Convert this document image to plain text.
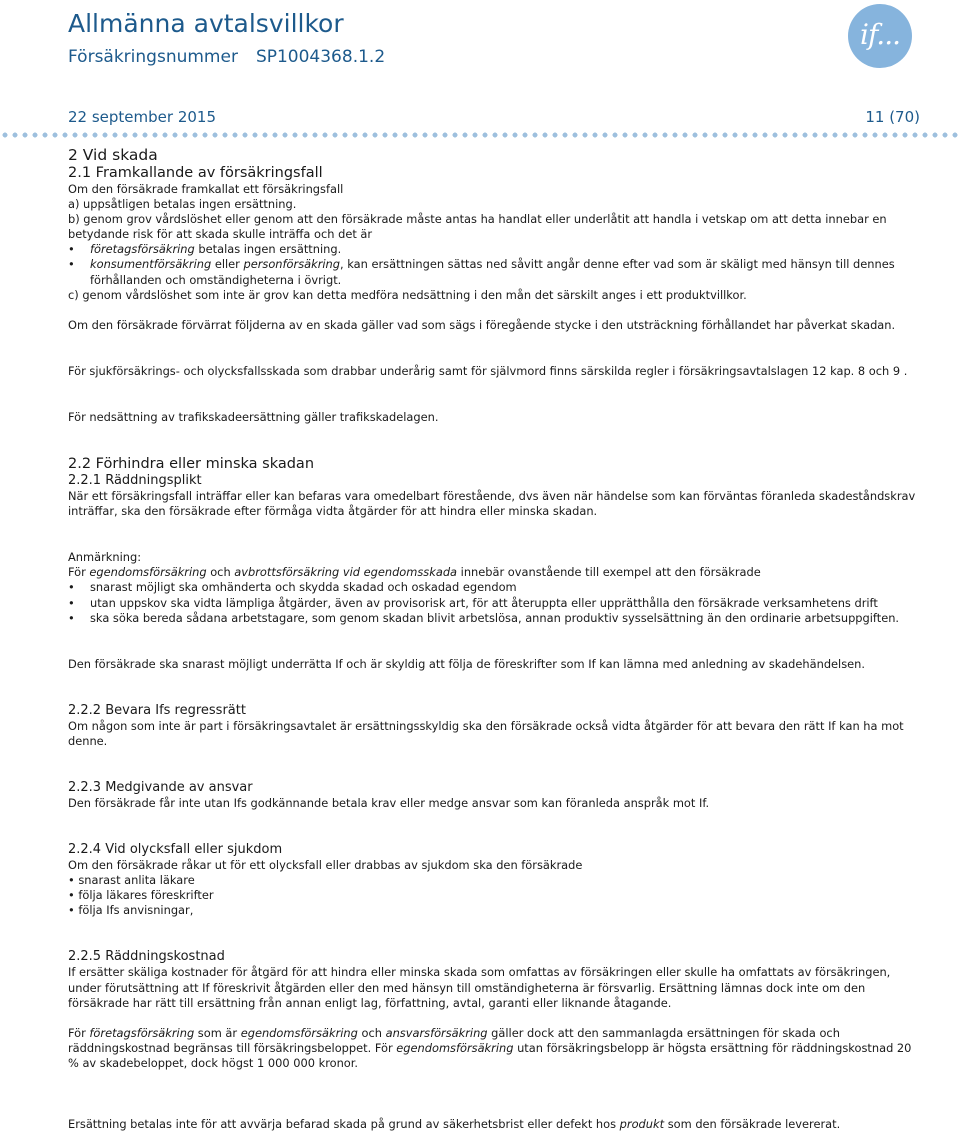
Allmänna avtalsvillkor
Försäkringsnummer SP1004368.1.2
if...
22 september 2015	11 (70)

2 Vid skada

2.1 Framkallande av försäkringsfall

Om den försäkrade framkallat ett försäkringsfall

a) uppsåtligen betalas ingen ersättning.

b) genom grov vårdslöshet eller genom att den försäkrade måste antas ha handlat eller underlåtit att handla i vetskap om att detta innebar en betydande risk för att skada skulle inträffa och det är

• företagsförsäkring betalas ingen ersättning.

• konsumentförsäkring eller personförsäkring, kan ersättningen sättas ned såvitt angår denne efter vad som är skäligt med hänsyn till dennes förhållanden och omständigheterna i övrigt.

c) genom vårdslöshet som inte är grov kan detta medföra nedsättning i den mån det särskilt anges i ett produktvillkor.

Om den försäkrade förvärrat följderna av en skada gäller vad som sägs i föregående stycke i den utsträckning förhållandet har påverkat skadan.

För sjukförsäkrings- och olycksfallsskada som drabbar underårig samt för självmord finns särskilda regler i försäkringsavtalslagen 12 kap. 8 och 9 .

För nedsättning av trafikskadeersättning gäller trafikskadelagen.

2.2 Förhindra eller minska skadan

2.2.1 Räddningsplikt

När ett försäkringsfall inträffar eller kan befaras vara omedelbart förestående, dvs även när händelse som kan förväntas föranleda skadeståndskrav inträffar, ska den försäkrade efter förmåga vidta åtgärder för att hindra eller minska skadan.

Anmärkning:

För egendomsförsäkring och avbrottsförsäkring vid egendomsskada innebär ovanstående till exempel att den försäkrade

• snarast möjligt ska omhänderta och skydda skadad och oskadad egendom

• utan uppskov ska vidta lämpliga åtgärder, även av provisorisk art, för att återuppta eller upprätthålla den försäkrade verksamhetens drift

• ska söka bereda sådana arbetstagare, som genom skadan blivit arbetslösa, annan produktiv sysselsättning än den ordinarie arbetsuppgiften.

Den försäkrade ska snarast möjligt underrätta If och är skyldig att följa de föreskrifter som If kan lämna med anledning av skadehändelsen.

2.2.2 Bevara Ifs regressrätt

Om någon som inte är part i försäkringsavtalet är ersättningsskyldig ska den försäkrade också vidta åtgärder för att bevara den rätt If kan ha mot denne.

2.2.3 Medgivande av ansvar

Den försäkrade får inte utan Ifs godkännande betala krav eller medge ansvar som kan föranleda anspråk mot If.

2.2.4 Vid olycksfall eller sjukdom

Om den försäkrade råkar ut för ett olycksfall eller drabbas av sjukdom ska den försäkrade

• snarast anlita läkare

• följa läkares föreskrifter

• följa Ifs anvisningar,

2.2.5 Räddningskostnad

If ersätter skäliga kostnader för åtgärd för att hindra eller minska skada som omfattas av försäkringen eller skulle ha omfattats av försäkringen, under förutsättning att If föreskrivit åtgärden eller den med hänsyn till omständigheterna är försvarlig. Ersättning lämnas dock inte om den försäkrade har rätt till ersättning från annan enligt lag, författning, avtal, garanti eller liknande åtagande.

För företagsförsäkring som är egendomsförsäkring och ansvarsförsäkring gäller dock att den sammanlagda ersättningen för skada och räddningskostnad begränsas till försäkringsbeloppet. För egendomsförsäkring utan försäkringsbelopp är högsta ersättning för räddningskostnad 20 % av skadebeloppet, dock högst 1 000 000 kronor.

Ersättning betalas inte för att avvärja befarad skada på grund av säkerhetsbrist eller defekt hos produkt som den försäkrade levererat.
